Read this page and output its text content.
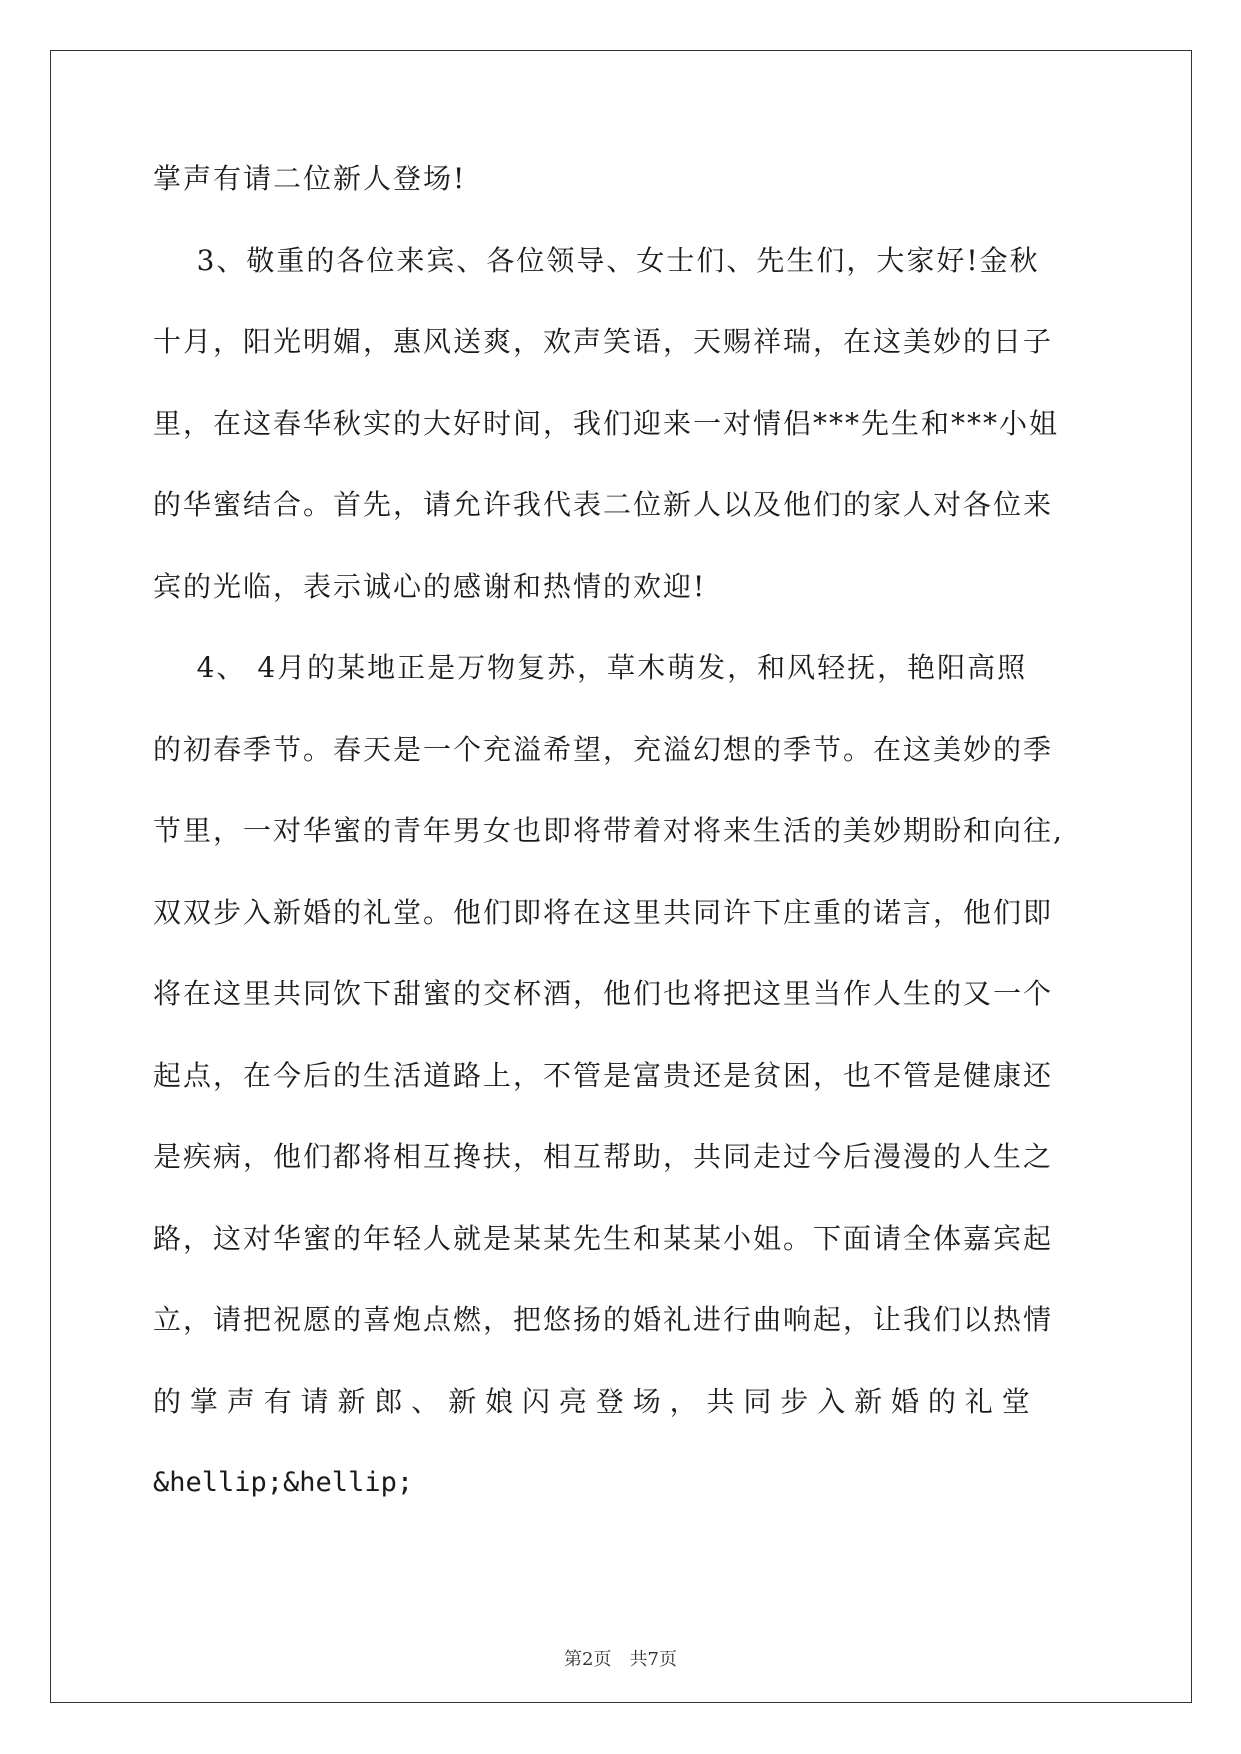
掌声有请二位新人登场!
3、敬重的各位来宾、各位领导、女士们、先生们，大家好!金秋
十月，阳光明媚，惠风送爽，欢声笑语，天赐祥瑞，在这美妙的日子
里，在这春华秋实的大好时间，我们迎来一对情侣***先生和***小姐
的华蜜结合。首先，请允许我代表二位新人以及他们的家人对各位来
宾的光临，表示诚心的感谢和热情的欢迎!
4、 4月的某地正是万物复苏，草木萌发，和风轻抚，艳阳高照
的初春季节。春天是一个充溢希望，充溢幻想的季节。在这美妙的季
节里，一对华蜜的青年男女也即将带着对将来生活的美妙期盼和向往,
双双步入新婚的礼堂。他们即将在这里共同许下庄重的诺言，他们即
将在这里共同饮下甜蜜的交杯酒，他们也将把这里当作人生的又一个
起点，在今后的生活道路上，不管是富贵还是贫困，也不管是健康还
是疾病，他们都将相互搀扶，相互帮助，共同走过今后漫漫的人生之
路，这对华蜜的年轻人就是某某先生和某某小姐。下面请全体嘉宾起
立，请把祝愿的喜炮点燃，把悠扬的婚礼进行曲响起，让我们以热情
的 掌 声 有 请 新 郎 、 新 娘 闪 亮 登 场 ， 共 同 步 入 新 婚 的 礼 堂
&hellip;&hellip;
第2页　共7页
